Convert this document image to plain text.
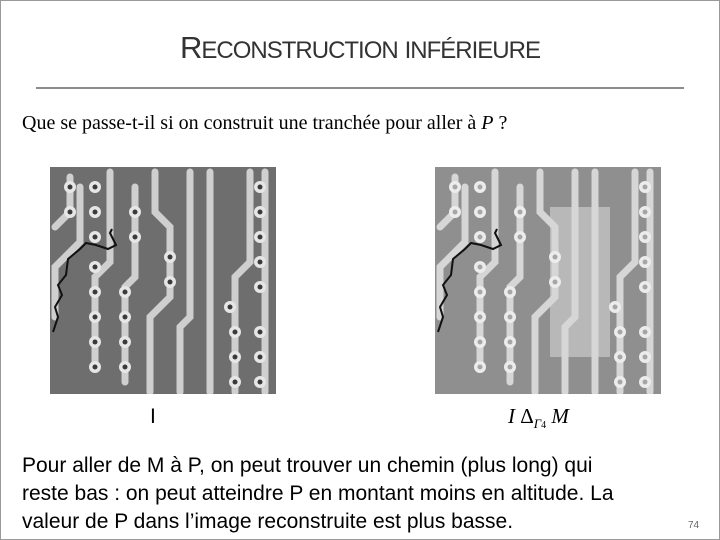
RECONSTRUCTION INFÉRIEURE
Que se passe-t-il si on construit une tranchée pour aller à P ?
I	I $\Delta_{\Gamma 4}$ M
Pour aller de M à P, on peut trouver un chemin (plus long) qui
reste bas : on peut atteindre P en montant moins en altitude. La
valeur de P dans l’image reconstruite est plus basse.	74
